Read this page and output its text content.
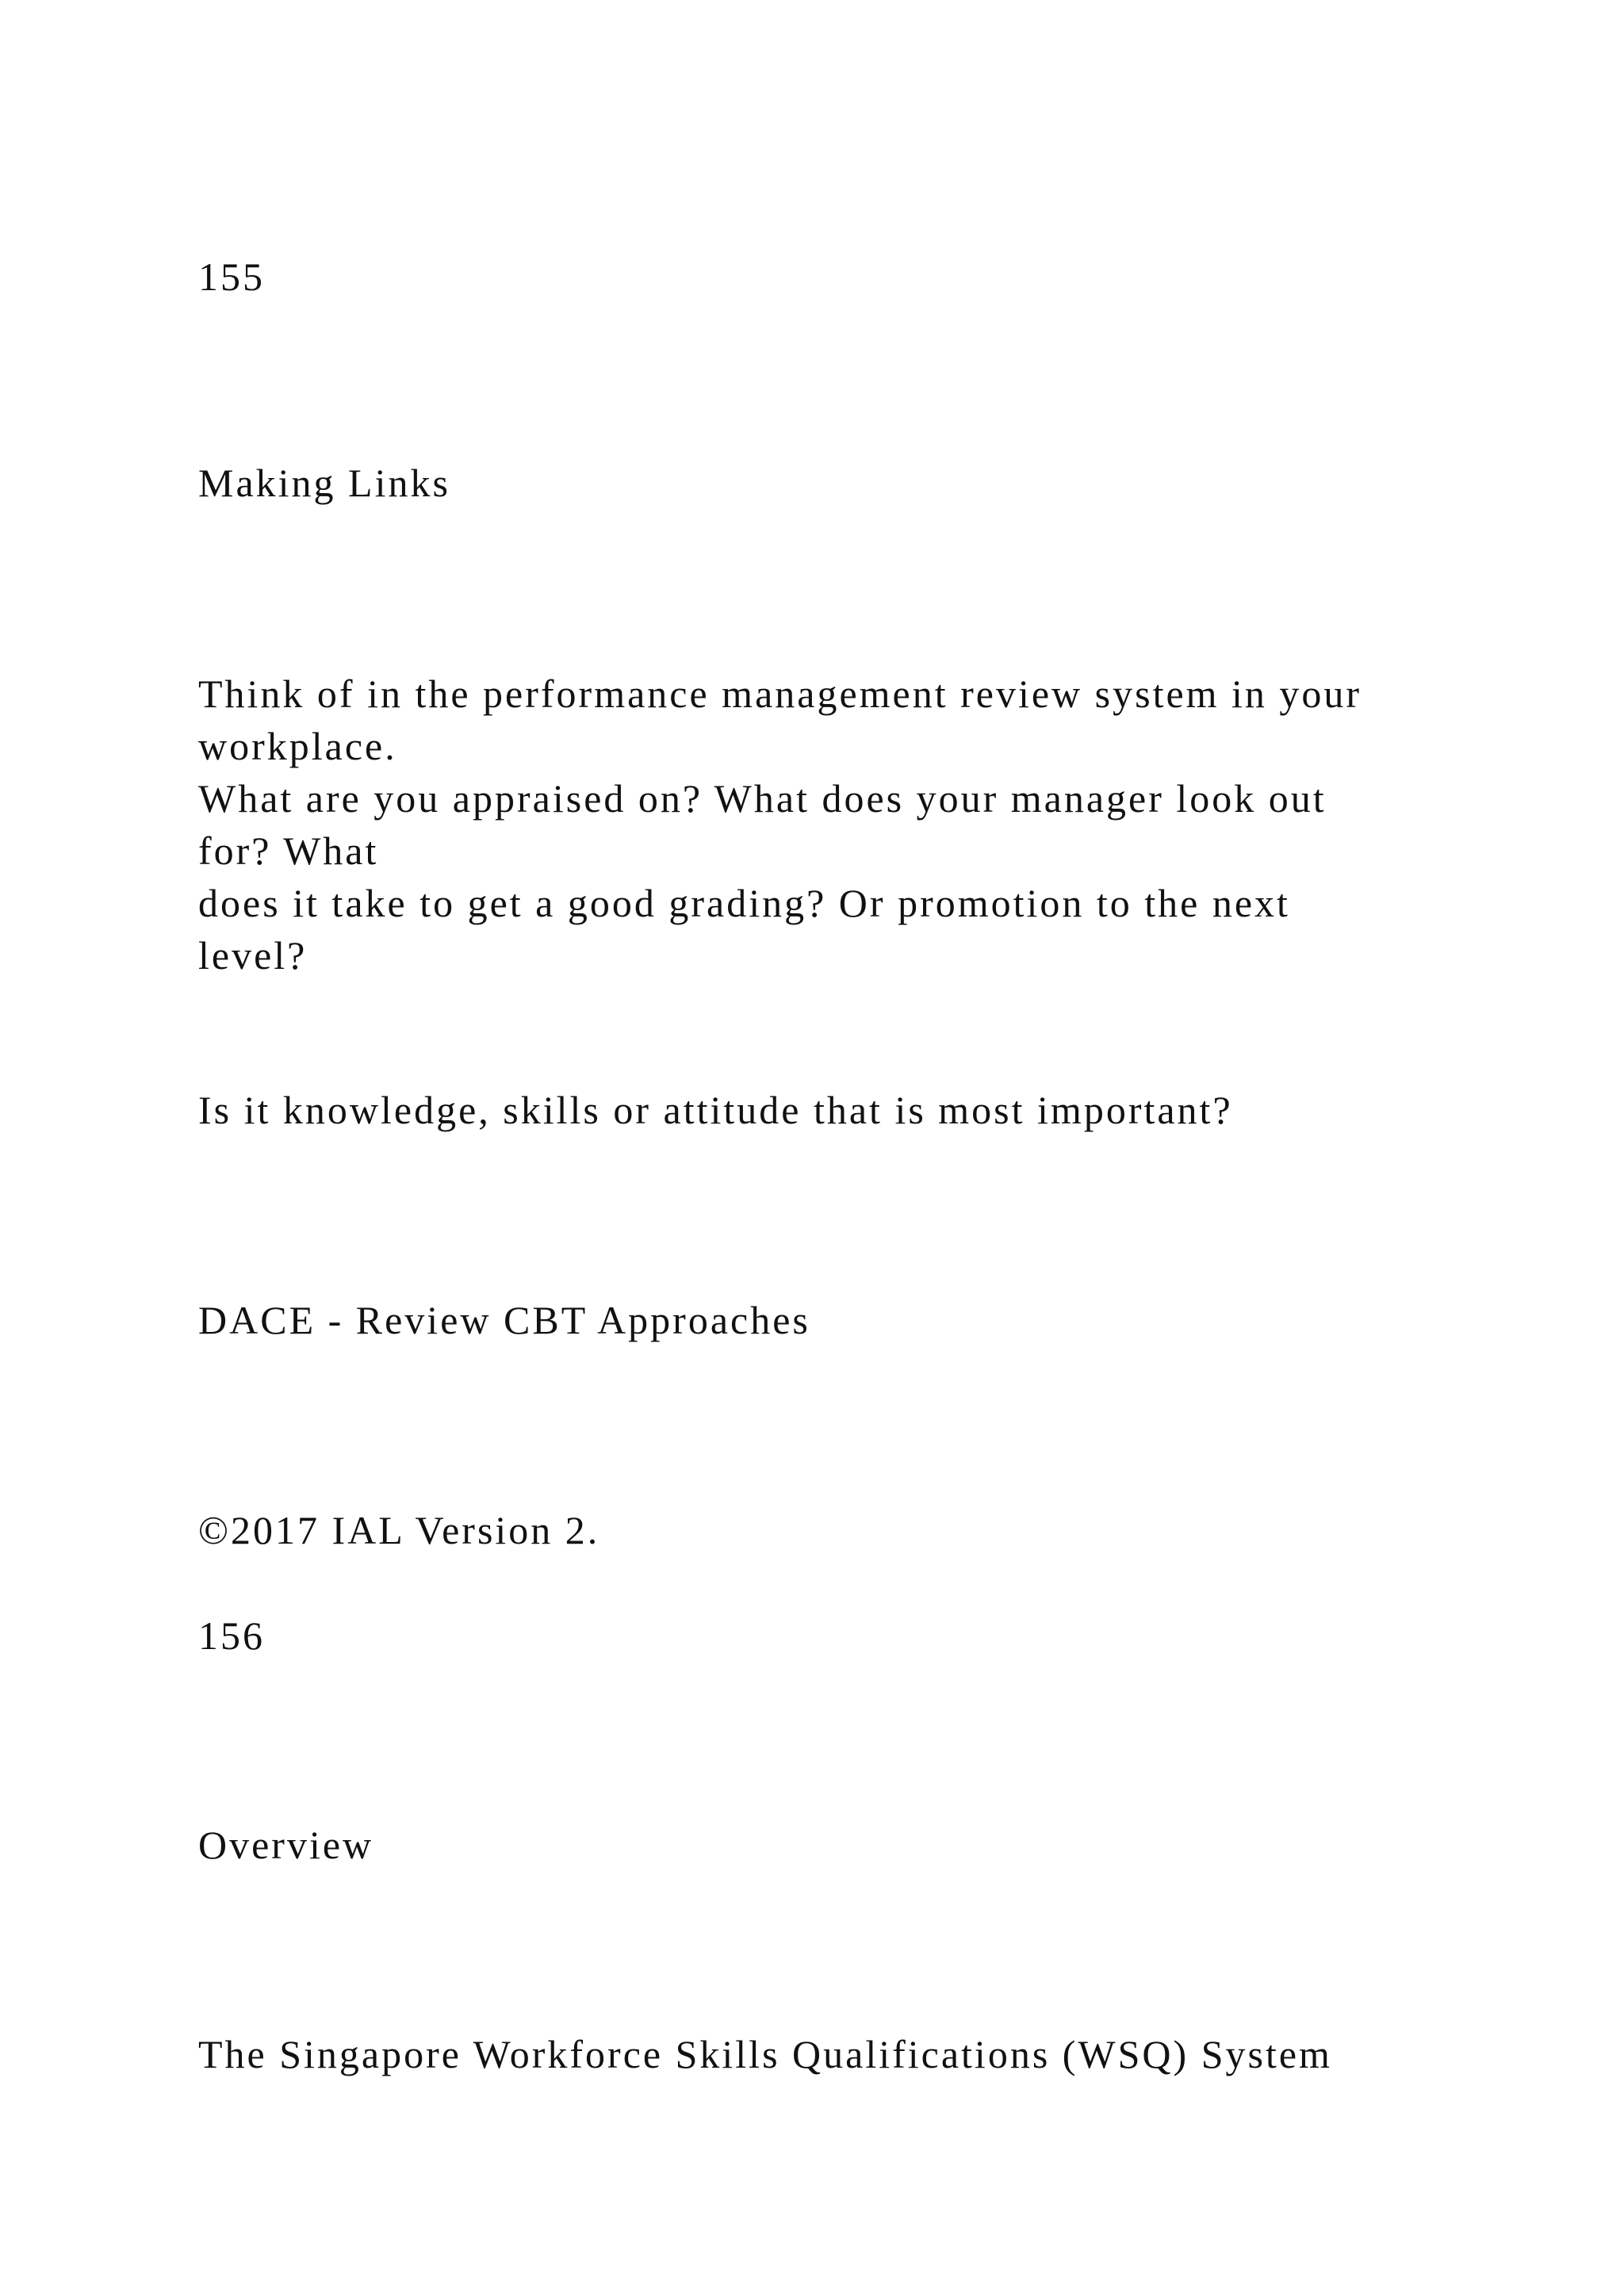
155

Making Links

Think of in the performance management review system in your

workplace.

What are you appraised on? What does your manager look out

for? What

does it take to get a good grading? Or promotion to the next

level?

Is it knowledge, skills or attitude that is most important?

DACE - Review CBT Approaches

©2017 IAL Version 2.

156

Overview

The Singapore Workforce Skills Qualifications (WSQ) System
